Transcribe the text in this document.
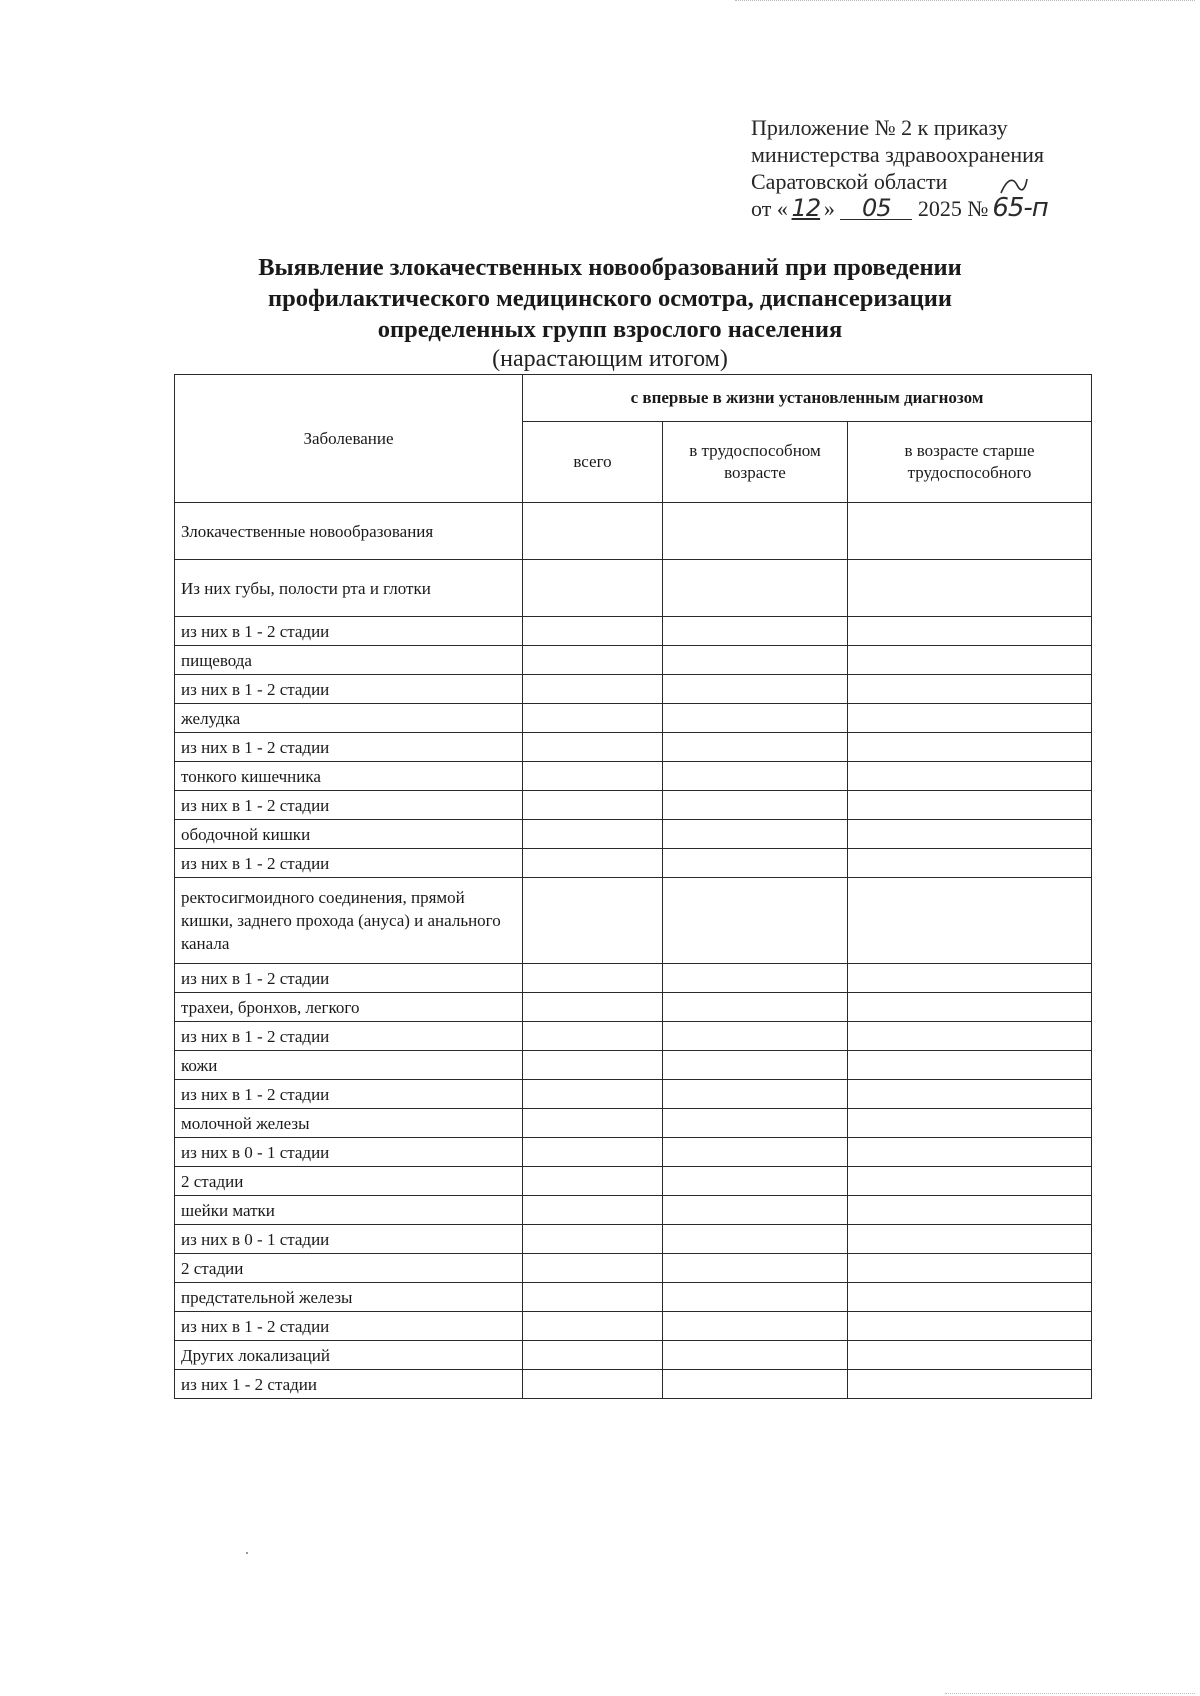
Приложение № 2 к приказу
министерства здравоохранения
Саратовской области
от « 12 » 05 2025 № 65-п

Выявление злокачественных новообразований при проведении

профилактического медицинского осмотра, диспансеризации

определенных групп взрослого населения

(нарастающим итогом)

Заболевание	с впервые в жизни установленным диагнозом		
	всего	в трудоспособном возрасте	в возрасте старше трудоспособного
Злокачественные новообразования			
Из них губы, полости рта и глотки			
из них в 1 - 2 стадии			
пищевода			
из них в 1 - 2 стадии			
желудка			
из них в 1 - 2 стадии			
тонкого кишечника			
из них в 1 - 2 стадии			
ободочной кишки			
из них в 1 - 2 стадии			
ректосигмоидного соединения, прямой кишки, заднего прохода (ануса) и анального канала			
из них в 1 - 2 стадии			
трахеи, бронхов, легкого			
из них в 1 - 2 стадии			
кожи			
из них в 1 - 2 стадии			
молочной железы			
из них в 0 - 1 стадии			
2 стадии			
шейки матки			
из них в 0 - 1 стадии			
2 стадии			
предстательной железы			
из них в 1 - 2 стадии			
Других локализаций			
из них 1 - 2 стадии			
